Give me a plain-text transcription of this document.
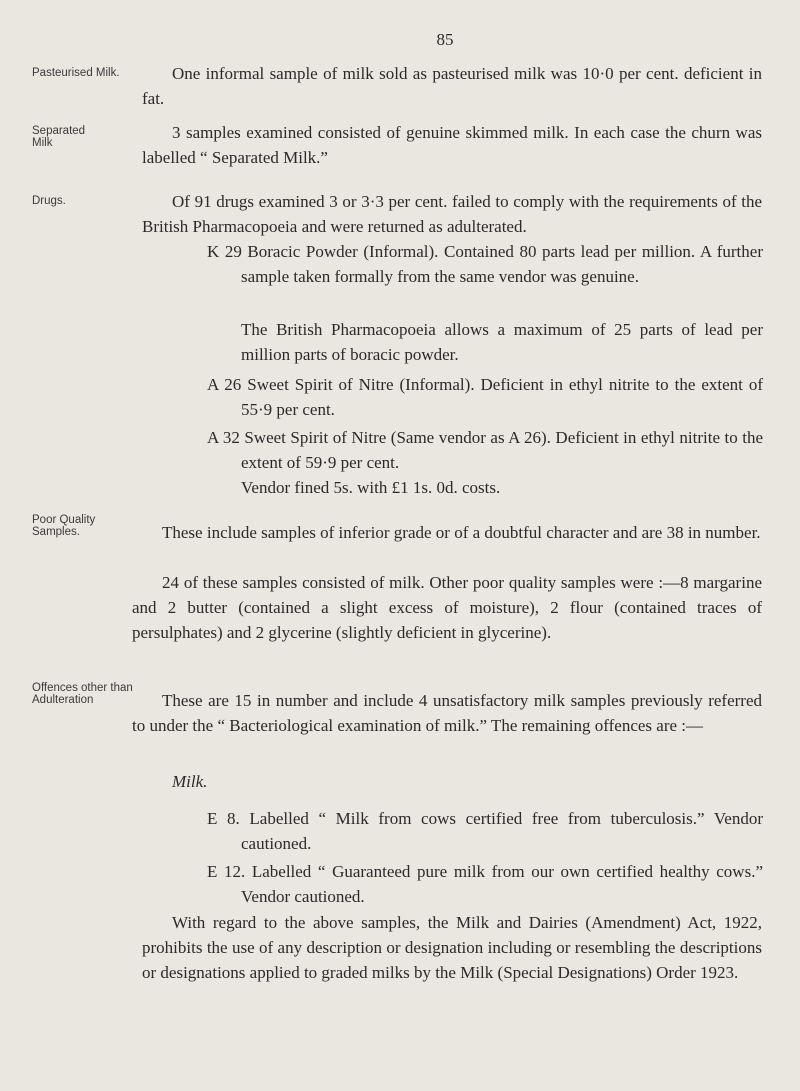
85
Pasteurised Milk.	One informal sample of milk sold as pasteurised milk was 10·0 per cent. deficient in fat.
Separated Milk
3 samples examined consisted of genuine skimmed milk. In each case the churn was labelled “ Separated Milk.”
Drugs.	Of 91 drugs examined 3 or 3·3 per cent. failed to comply with the requirements of the British Pharmacopoeia and were returned as adulterated.
K 29 Boracic Powder (Informal). Contained 80 parts lead per million. A further sample taken formally from the same vendor was genuine.
The British Pharmacopoeia allows a maximum of 25 parts of lead per million parts of boracic powder.
A 26 Sweet Spirit of Nitre (Informal). Deficient in ethyl nitrite to the extent of 55·9 per cent.
A 32 Sweet Spirit of Nitre (Same vendor as A 26). Deficient in ethyl nitrite to the extent of 59·9 per cent.
Vendor fined 5s. with £1 1s. 0d. costs.
Poor Quality Samples.	These include samples of inferior grade or of a doubtful character and are 38 in number.
24 of these samples consisted of milk. Other poor quality samples were :—8 margarine and 2 butter (contained a slight excess of moisture), 2 flour (contained traces of persulphates) and 2 glycerine (slightly deficient in glycerine).
Offences other than Adulteration	These are 15 in number and include 4 unsatisfactory milk samples previously referred to under the “ Bacteriological examination of milk.” The remaining offences are :—
Milk.
E 8. Labelled “ Milk from cows certified free from tuberculosis.” Vendor cautioned.
E 12. Labelled “ Guaranteed pure milk from our own certified healthy cows.” Vendor cautioned.
With regard to the above samples, the Milk and Dairies (Amendment) Act, 1922, prohibits the use of any description or designation including or resembling the descriptions or designations applied to graded milks by the Milk (Special Designations) Order 1923.
